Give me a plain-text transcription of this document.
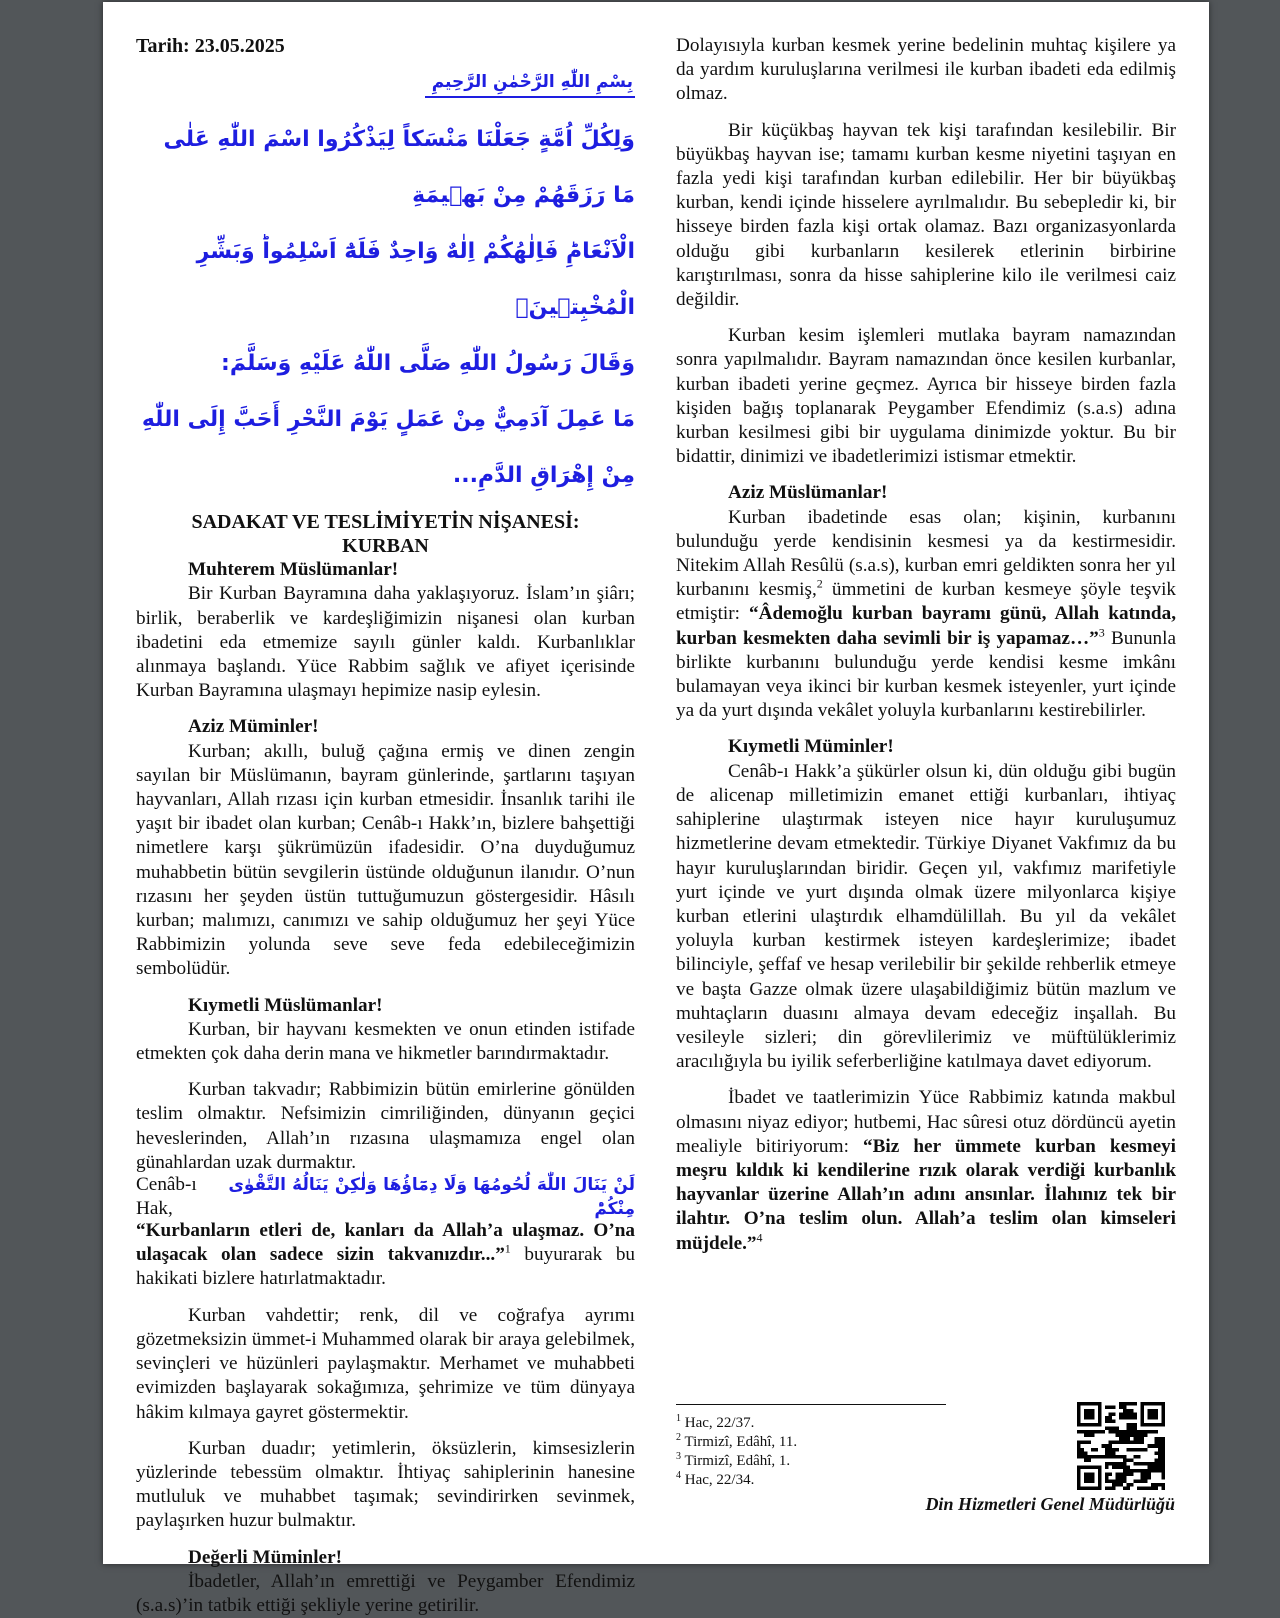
Tarih: 23.05.2025
بِسْمِ اللّٰهِ الرَّحْمٰنِ الرَّحِيمِ

وَلِكُلِّ اُمَّةٍ جَعَلْنَا مَنْسَكاً لِيَذْكُرُوا اسْمَ اللّٰهِ عَلٰى مَا رَزَقَهُمْ مِنْ بَهٖيمَةِ

الْاَنْعَامِؕ فَاِلٰهُكُمْ اِلٰهٌ وَاحِدٌ فَلَهُٓ اَسْلِمُواؕ وَبَشِّرِ الْمُخْبِتٖينَۙ

وَقَالَ رَسُولُ اللّٰهِ صَلَّى اللّٰهُ عَلَيْهِ وَسَلَّمَ:

مَا عَمِلَ آدَمِيٌّ مِنْ عَمَلٍ يَوْمَ النَّحْرِ أَحَبَّ إِلَى اللّٰهِ مِنْ إِهْرَاقِ الدَّمِ...

SADAKAT VE TESLİMİYETİN NİŞANESİ:
KURBAN
Muhterem Müslümanlar!

Bir Kurban Bayramına daha yaklaşıyoruz. İslam’ın şiârı; birlik, beraberlik ve kardeşliğimizin nişanesi olan kurban ibadetini eda etmemize sayılı günler kaldı. Kurbanlıklar alınmaya başlandı. Yüce Rabbim sağlık ve afiyet içerisinde Kurban Bayramına ulaşmayı hepimize nasip eylesin.

Aziz Müminler!

Kurban; akıllı, buluğ çağına ermiş ve dinen zengin sayılan bir Müslümanın, bayram günlerinde, şartlarını taşıyan hayvanları, Allah rızası için kurban etmesidir. İnsanlık tarihi ile yaşıt bir ibadet olan kurban; Cenâb-ı Hakk’ın, bizlere bahşettiği nimetlere karşı şükrümüzün ifadesidir. O’na duyduğumuz muhabbetin bütün sevgilerin üstünde olduğunun ilanıdır. O’nun rızasını her şeyden üstün tuttuğumuzun göstergesidir. Hâsılı kurban; malımızı, canımızı ve sahip olduğumuz her şeyi Yüce Rabbimizin yolunda seve seve feda edebileceğimizin sembolüdür.

Kıymetli Müslümanlar!

Kurban, bir hayvanı kesmekten ve onun etinden istifade etmekten çok daha derin mana ve hikmetler barındırmaktadır.

Kurban takvadır; Rabbimizin bütün emirlerine gönülden teslim olmaktır. Nefsimizin cimriliğinden, dünyanın geçici heveslerinden, Allah’ın rızasına ulaşmamıza engel olan günahlardan uzak durmaktır.

Cenâb-ı Hak,
لَنْ يَنَالَ اللّٰهَ لُحُومُهَا وَلَا دِمَٓاؤُهَا وَلٰكِنْ يَنَالُهُ التَّقْوٰى مِنْكُمْؕ

“Kurbanların etleri de, kanları da Allah’a ulaşmaz. O’na ulaşacak olan sadece sizin takvanızdır...”$^1$ buyurarak bu hakikati bizlere hatırlatmaktadır.

Kurban vahdettir; renk, dil ve coğrafya ayrımı gözetmeksizin ümmet-i Muhammed olarak bir araya gelebilmek, sevinçleri ve hüzünleri paylaşmaktır. Merhamet ve muhabbeti evimizden başlayarak sokağımıza, şehrimize ve tüm dünyaya hâkim kılmaya gayret göstermektir.

Kurban duadır; yetimlerin, öksüzlerin, kimsesizlerin yüzlerinde tebessüm olmaktır. İhtiyaç sahiplerinin hanesine mutluluk ve muhabbet taşımak; sevindirirken sevinmek, paylaşırken huzur bulmaktır.

Değerli Müminler!

İbadetler, Allah’ın emrettiği ve Peygamber Efendimiz (s.a.s)’in tatbik ettiği şekliyle yerine getirilir.

Dolayısıyla kurban kesmek yerine bedelinin muhtaç kişilere ya da yardım kuruluşlarına verilmesi ile kurban ibadeti eda edilmiş olmaz.

Bir küçükbaş hayvan tek kişi tarafından kesilebilir. Bir büyükbaş hayvan ise; tamamı kurban kesme niyetini taşıyan en fazla yedi kişi tarafından kurban edilebilir. Her bir büyükbaş kurban, kendi içinde hisselere ayrılmalıdır. Bu sebepledir ki, bir hisseye birden fazla kişi ortak olamaz. Bazı organizasyonlarda olduğu gibi kurbanların kesilerek etlerinin birbirine karıştırılması, sonra da hisse sahiplerine kilo ile verilmesi caiz değildir.

Kurban kesim işlemleri mutlaka bayram namazından sonra yapılmalıdır. Bayram namazından önce kesilen kurbanlar, kurban ibadeti yerine geçmez. Ayrıca bir hisseye birden fazla kişiden bağış toplanarak Peygamber Efendimiz (s.a.s) adına kurban kesilmesi gibi bir uygulama dinimizde yoktur. Bu bir bidattir, dinimizi ve ibadetlerimizi istismar etmektir.

Aziz Müslümanlar!

Kurban ibadetinde esas olan; kişinin, kurbanını bulunduğu yerde kendisinin kesmesi ya da kestirmesidir. Nitekim Allah Resûlü (s.a.s), kurban emri geldikten sonra her yıl kurbanını kesmiş,$^2$ ümmetini de kurban kesmeye şöyle teşvik etmiştir: “Âdemoğlu kurban bayramı günü, Allah katında, kurban kesmekten daha sevimli bir iş yapamaz…”$^3$ Bununla birlikte kurbanını bulunduğu yerde kendisi kesme imkânı bulamayan veya ikinci bir kurban kesmek isteyenler, yurt içinde ya da yurt dışında vekâlet yoluyla kurbanlarını kestirebilirler.

Kıymetli Müminler!

Cenâb-ı Hakk’a şükürler olsun ki, dün olduğu gibi bugün de alicenap milletimizin emanet ettiği kurbanları, ihtiyaç sahiplerine ulaştırmak isteyen nice hayır kuruluşumuz hizmetlerine devam etmektedir. Türkiye Diyanet Vakfımız da bu hayır kuruluşlarından biridir. Geçen yıl, vakfımız marifetiyle yurt içinde ve yurt dışında olmak üzere milyonlarca kişiye kurban etlerini ulaştırdık elhamdülillah. Bu yıl da vekâlet yoluyla kurban kestirmek isteyen kardeşlerimize; ibadet bilinciyle, şeffaf ve hesap verilebilir bir şekilde rehberlik etmeye ve başta Gazze olmak üzere ulaşabildiğimiz bütün mazlum ve muhtaçların duasını almaya devam edeceğiz inşallah. Bu vesileyle sizleri; din görevlilerimiz ve müftülüklerimiz aracılığıyla bu iyilik seferberliğine katılmaya davet ediyorum.

İbadet ve taatlerimizin Yüce Rabbimiz katında makbul olmasını niyaz ediyor; hutbemi, Hac sûresi otuz dördüncü ayetin mealiyle bitiriyorum: “Biz her ümmete kurban kesmeyi meşru kıldık ki kendilerine rızık olarak verdiği kurbanlık hayvanlar üzerine Allah’ın adını ansınlar. İlahınız tek bir ilahtır. O’na teslim olun. Allah’a teslim olan kimseleri müjdele.”$^4$

$^1$ Hac, 22/37.
$^2$ Tirmizî, Edâhî, 11.
$^3$ Tirmizî, Edâhî, 1.
$^4$ Hac, 22/34.
Din Hizmetleri Genel Müdürlüğü
